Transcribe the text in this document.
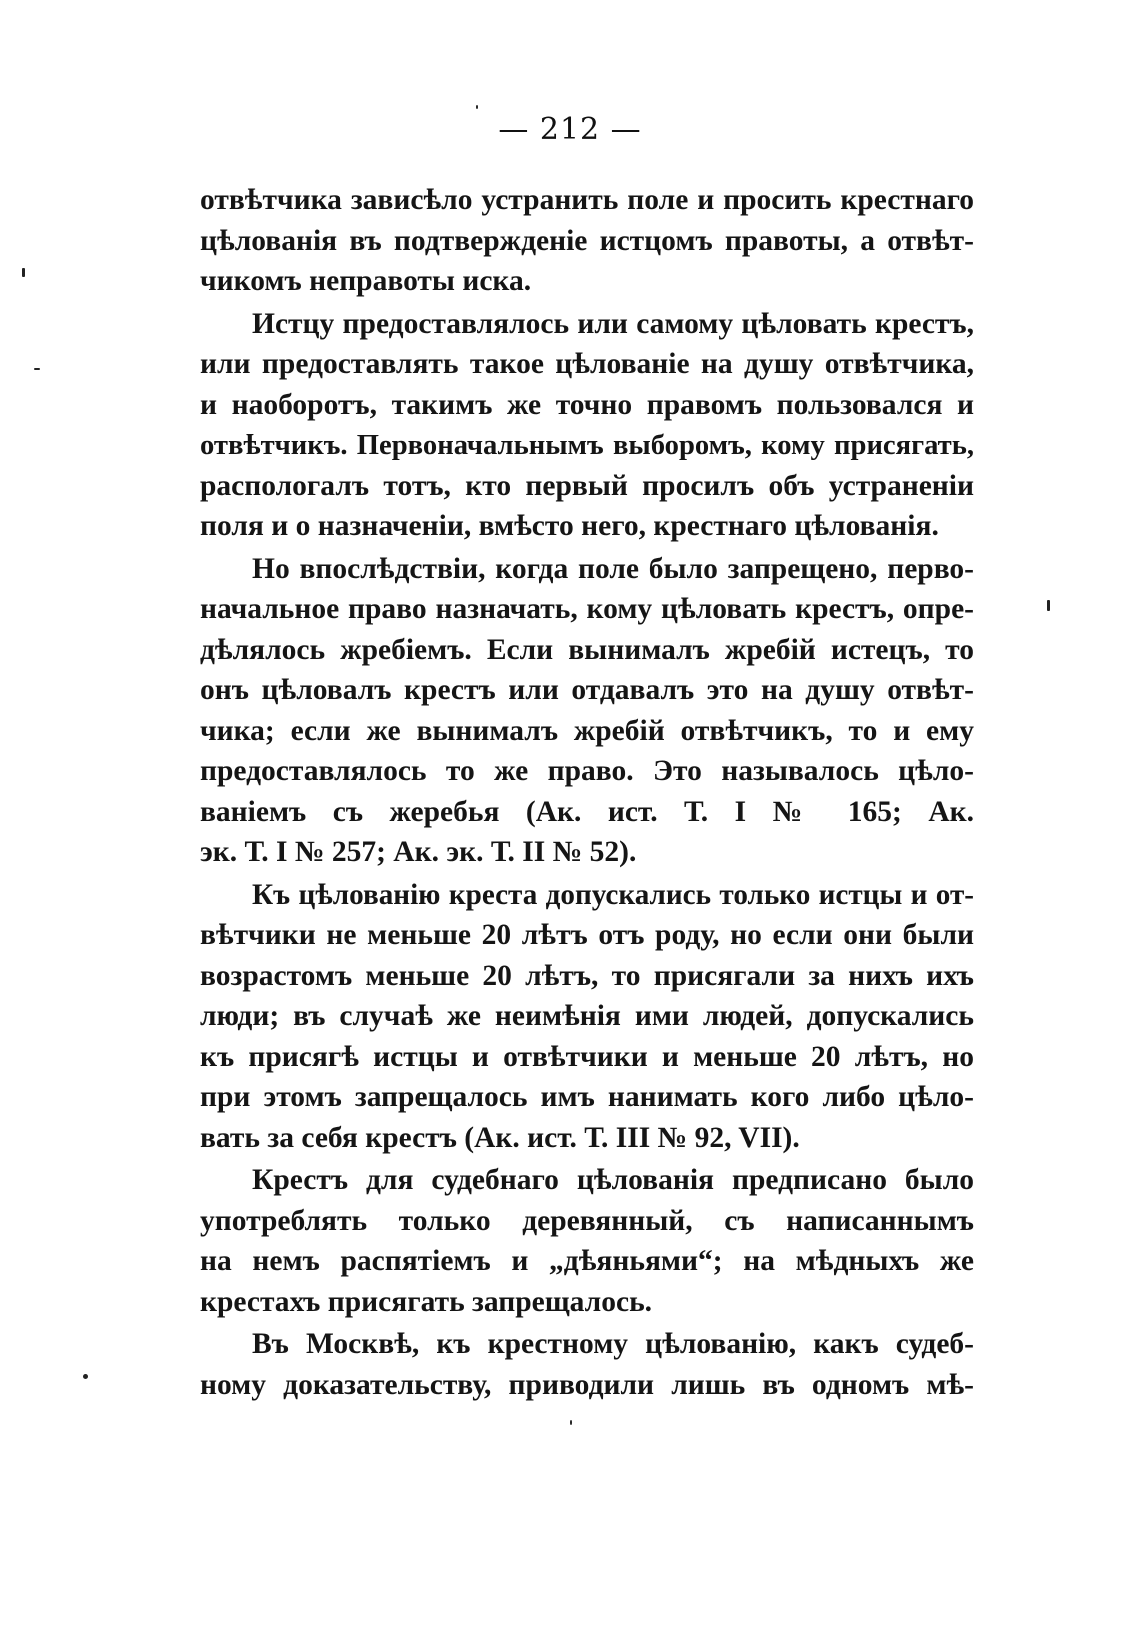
— 212 —
отвѣтчика зависѣло устранить поле и просить крестнаго
цѣлованія въ подтвержденіе истцомъ правоты, а отвѣт-
чикомъ неправоты иска.
Истцу предоставлялось или самому цѣловать крестъ,
или предоставлять такое цѣлованіе на душу отвѣтчика,
и наоборотъ, такимъ же точно правомъ пользовался и
отвѣтчикъ. Первоначальнымъ выборомъ, кому присягать,
распологалъ тотъ, кто первый просилъ объ устраненіи
поля и о назначеніи, вмѣсто него, крестнаго цѣлованія.
Но впослѣдствіи, когда поле было запрещено, перво-
начальное право назначать, кому цѣловать крестъ, опре-
дѣлялось жребіемъ. Если вынималъ жребій истецъ, то
онъ цѣловалъ крестъ или отдавалъ это на душу отвѣт-
чика; если же вынималъ жребій отвѣтчикъ, то и ему
предоставлялось то же право. Это называлось цѣло-
ваніемъ съ жеребья (Ак. ист. Т. I № 165; Ак.
эк. Т. I № 257; Ак. эк. Т. II № 52).
Къ цѣлованію креста допускались только истцы и от-
вѣтчики не меньше 20 лѣтъ отъ роду, но если они были
возрастомъ меньше 20 лѣтъ, то присягали за нихъ ихъ
люди; въ случаѣ же неимѣнія ими людей, допускались
къ присягѣ истцы и отвѣтчики и меньше 20 лѣтъ, но
при этомъ запрещалось имъ нанимать кого либо цѣло-
вать за себя крестъ (Ак. ист. Т. III № 92, VII).
Крестъ для судебнаго цѣлованія предписано было
употреблять только деревянный, съ написаннымъ
на немъ распятіемъ и „дѣяньями“; на мѣдныхъ же
крестахъ присягать запрещалось.
Въ Москвѣ, къ крестному цѣлованію, какъ судеб-
ному доказательству, приводили лишь въ одномъ мѣ-
